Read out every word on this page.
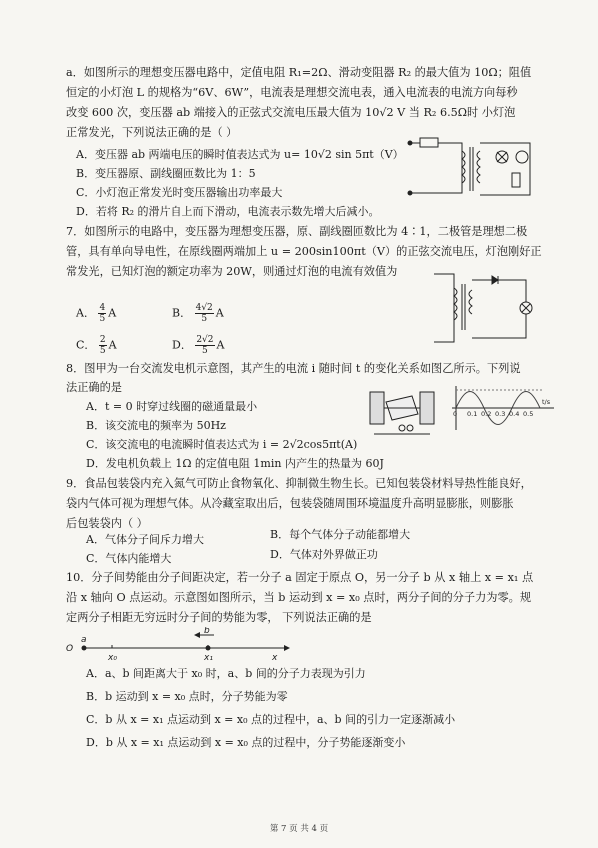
a．如图所示的理想变压器电路中，定值电阻 R₁=2Ω、滑动变阻器 R₂ 的最大值为 10Ω；阻值
恒定的小灯泡 L 的规格为“6V、6W”，电流表是理想交流电表，通入电流表的电流方向每秒
改变 600 次，变压器 ab 端接入的正弦式交流电压最大值为 10√2 V 当 R₂ 6.5Ω时 小灯泡
正常发光，下列说法正确的是（ ）
A．变压器 ab 两端电压的瞬时值表达式为 u= 10√2 sin 5πt（V）
B．变压器原、副线圈匝数比为 1：5
C．小灯泡正常发光时变压器输出功率最大
D．若将 R₂ 的滑片自上而下滑动，电流表示数先增大后减小。
7．如图所示的电路中，变压器为理想变压器，原、副线圈匝数比为 4∶1，二极管是理想二极
管，具有单向导电性，在原线圈两端加上 u = 200sin100πt（V）的正弦交流电压，灯泡刚好正
常发光，已知灯泡的额定功率为 20W，则通过灯泡的电流有效值为
A． $\frac{4}{5}$ A	B． $\frac{4√2}{5}$ A
C． $\frac{2}{5}$ A	D． $\frac{2√2}{5}$ A
8．图甲为一台交流发电机示意图，其产生的电流 i 随时间 t 的变化关系如图乙所示。下列说
法正确的是
A．t = 0 时穿过线圈的磁通量最小
B．该交流电的频率为 50Hz
C．该交流电的电流瞬时值表达式为 i = 2√2cos5πt(A)
D．发电机负载上 1Ω 的定值电阻 1min 内产生的热量为 60J
0 0.1 0.2 0.3 0.4 0.5
t/s
9．食品包装袋内充入氮气可防止食物氧化、抑制微生物生长。已知包装袋材料导热性能良好，
袋内气体可视为理想气体。从冷藏室取出后，包装袋随周围环境温度升高明显膨胀，则膨胀
后包装袋内（ ）
A．气体分子间斥力增大	B．每个气体分子动能都增大
C．气体内能增大	D．气体对外界做正功
10．分子间势能由分子间距决定，若一分子 a 固定于原点 O，另一分子 b 从 x 轴上 x = x₁ 点
沿 x 轴向 O 点运动。示意图如图所示，当 b 运动到 x = x₀ 点时，两分子间的分子力为零。规
定两分子相距无穷远时分子间的势能为零， 下列说法正确的是
O
a
b
x₀	x₁	x
A．a、b 间距离大于 x₀ 时，a、b 间的分子力表现为引力
B．b 运动到 x = x₀ 点时，分子势能为零
C．b 从 x = x₁ 点运动到 x = x₀ 点的过程中，a、b 间的引力一定逐渐减小
D．b 从 x = x₁ 点运动到 x = x₀ 点的过程中，分子势能逐渐变小
第 7 页 共 4 页
